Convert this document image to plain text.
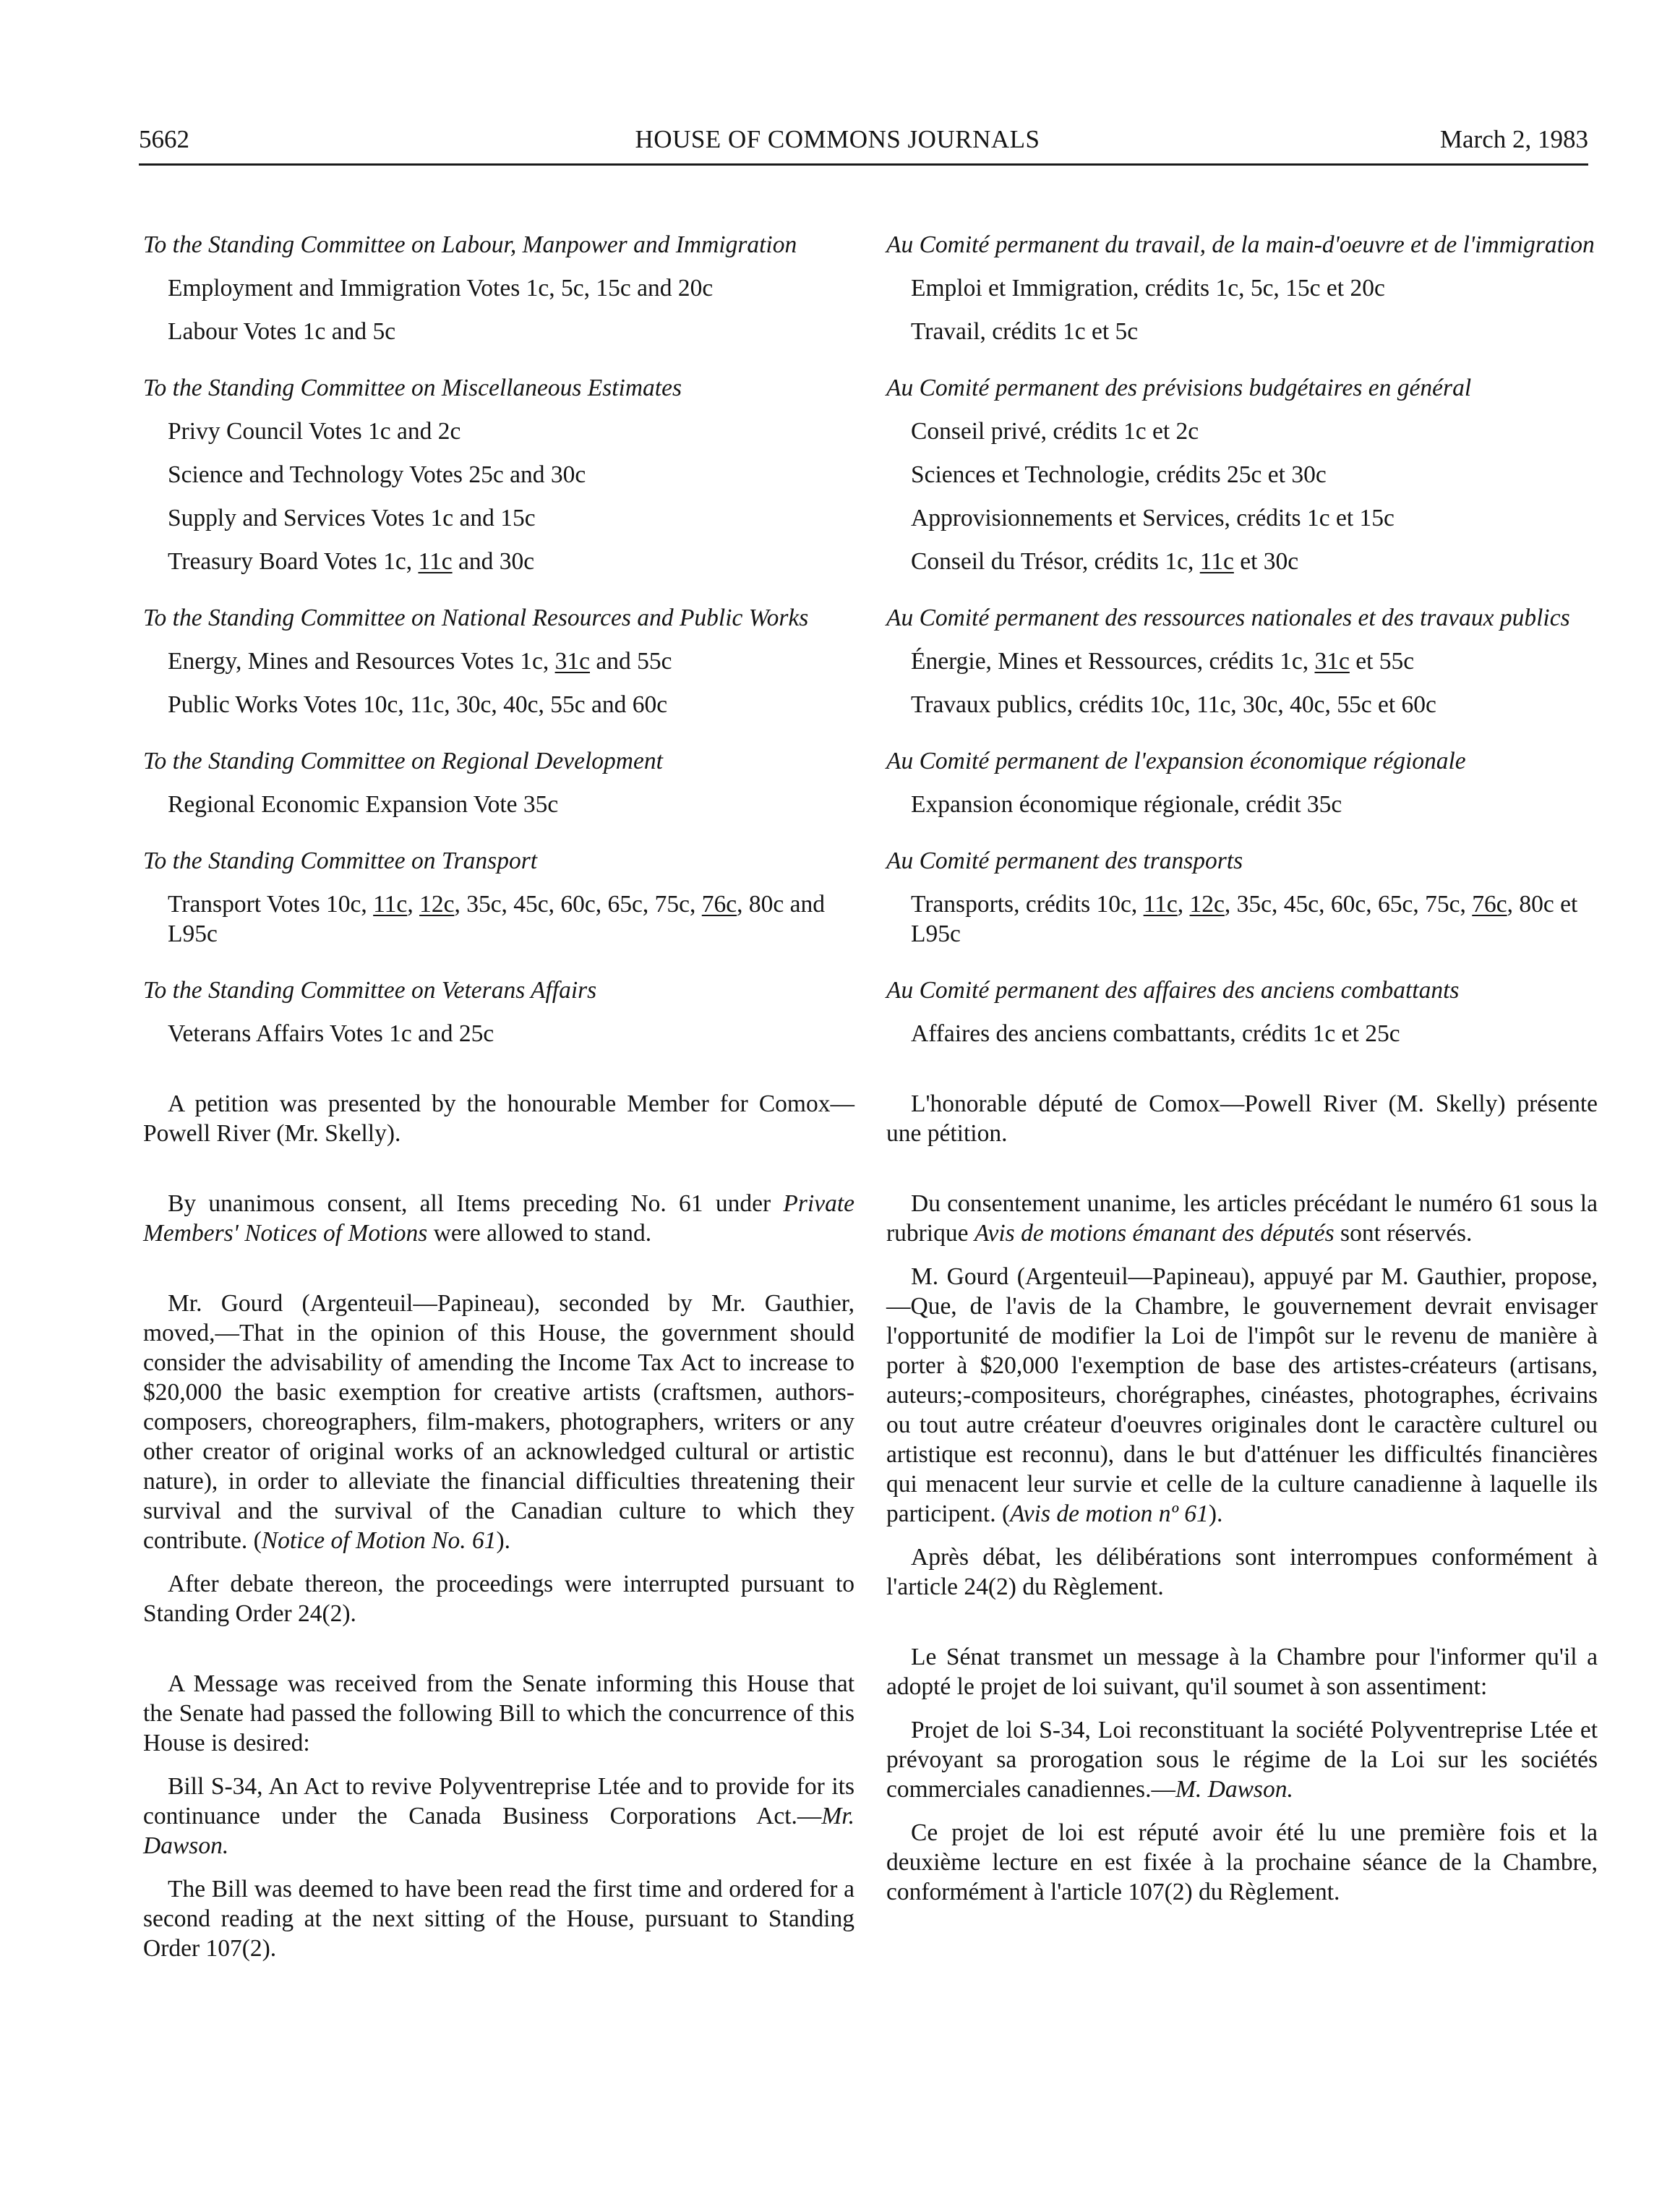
5662	HOUSE OF COMMONS JOURNALS	March 2, 1983

To the Standing Committee on Labour, Manpower and Immigration

Employment and Immigration Votes 1c, 5c, 15c and 20c

Labour Votes 1c and 5c

To the Standing Committee on Miscellaneous Estimates

Privy Council Votes 1c and 2c

Science and Technology Votes 25c and 30c

Supply and Services Votes 1c and 15c

Treasury Board Votes 1c, 11c and 30c

To the Standing Committee on National Resources and Public Works

Energy, Mines and Resources Votes 1c, 31c and 55c

Public Works Votes 10c, 11c, 30c, 40c, 55c and 60c

To the Standing Committee on Regional Development

Regional Economic Expansion Vote 35c

To the Standing Committee on Transport

Transport Votes 10c, 11c, 12c, 35c, 45c, 60c, 65c, 75c, 76c, 80c and L95c

To the Standing Committee on Veterans Affairs

Veterans Affairs Votes 1c and 25c

A petition was presented by the honourable Member for Comox—Powell River (Mr. Skelly).

By unanimous consent, all Items preceding No. 61 under Private Members' Notices of Motions were allowed to stand.

Mr. Gourd (Argenteuil—Papineau), seconded by Mr. Gauthier, moved,—That in the opinion of this House, the government should consider the advisability of amending the Income Tax Act to increase to $20,000 the basic exemption for creative artists (craftsmen, authors-composers, choreographers, film-makers, photographers, writers or any other creator of original works of an acknowledged cultural or artistic nature), in order to alleviate the financial difficulties threatening their survival and the survival of the Canadian culture to which they contribute. (Notice of Motion No. 61).

After debate thereon, the proceedings were interrupted pursuant to Standing Order 24(2).

A Message was received from the Senate informing this House that the Senate had passed the following Bill to which the concurrence of this House is desired:

Bill S-34, An Act to revive Polyventreprise Ltée and to provide for its continuance under the Canada Business Corporations Act.—Mr. Dawson.

The Bill was deemed to have been read the first time and ordered for a second reading at the next sitting of the House, pursuant to Standing Order 107(2).

Au Comité permanent du travail, de la main-d'oeuvre et de l'immigration

Emploi et Immigration, crédits 1c, 5c, 15c et 20c

Travail, crédits 1c et 5c

Au Comité permanent des prévisions budgétaires en général

Conseil privé, crédits 1c et 2c

Sciences et Technologie, crédits 25c et 30c

Approvisionnements et Services, crédits 1c et 15c

Conseil du Trésor, crédits 1c, 11c et 30c

Au Comité permanent des ressources nationales et des travaux publics

Énergie, Mines et Ressources, crédits 1c, 31c et 55c

Travaux publics, crédits 10c, 11c, 30c, 40c, 55c et 60c

Au Comité permanent de l'expansion économique régionale

Expansion économique régionale, crédit 35c

Au Comité permanent des transports

Transports, crédits 10c, 11c, 12c, 35c, 45c, 60c, 65c, 75c, 76c, 80c et L95c

Au Comité permanent des affaires des anciens combattants

Affaires des anciens combattants, crédits 1c et 25c

L'honorable député de Comox—Powell River (M. Skelly) présente une pétition.

Du consentement unanime, les articles précédant le numéro 61 sous la rubrique Avis de motions émanant des députés sont réservés.

M. Gourd (Argenteuil—Papineau), appuyé par M. Gauthier, propose,—Que, de l'avis de la Chambre, le gouvernement devrait envisager l'opportunité de modifier la Loi de l'impôt sur le revenu de manière à porter à $20,000 l'exemption de base des artistes-créateurs (artisans, auteurs;-compositeurs, chorégraphes, cinéastes, photographes, écrivains ou tout autre créateur d'oeuvres originales dont le caractère culturel ou artistique est reconnu), dans le but d'atténuer les difficultés financières qui menacent leur survie et celle de la culture canadienne à laquelle ils participent. (Avis de motion nº 61).

Après débat, les délibérations sont interrompues conformément à l'article 24(2) du Règlement.

Le Sénat transmet un message à la Chambre pour l'informer qu'il a adopté le projet de loi suivant, qu'il soumet à son assentiment:

Projet de loi S-34, Loi reconstituant la société Polyventreprise Ltée et prévoyant sa prorogation sous le régime de la Loi sur les sociétés commerciales canadiennes.—M. Dawson.

Ce projet de loi est réputé avoir été lu une première fois et la deuxième lecture en est fixée à la prochaine séance de la Chambre, conformément à l'article 107(2) du Règlement.
